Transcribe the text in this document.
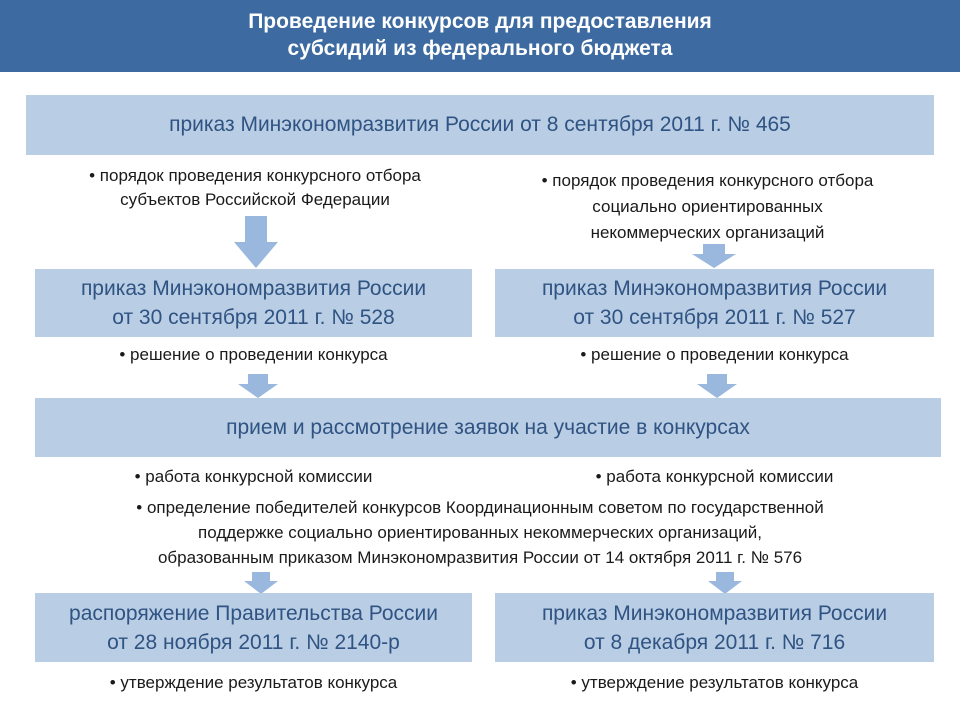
Проведение конкурсов для предоставления
субсидий из федерального бюджета
приказ Минэкономразвития России от 8 сентября 2011 г. № 465
• порядок проведения конкурсного отбора
субъектов Российской Федерации
• порядок проведения конкурсного отбора
социально ориентированных
некоммерческих организаций
приказ Минэкономразвития России
от 30 сентября 2011 г. № 528
приказ Минэкономразвития России
от 30 сентября 2011 г. № 527
• решение о проведении конкурса	• решение о проведении конкурса
прием и рассмотрение заявок на участие в конкурсах
• работа конкурсной комиссии	• работа конкурсной комиссии
• определение победителей конкурсов Координационным советом по государственной
поддержке социально ориентированных некоммерческих организаций,
образованным приказом Минэкономразвития России от 14 октября 2011 г. № 576
распоряжение Правительства России
от 28 ноября 2011 г. № 2140-р
приказ Минэкономразвития России
от 8 декабря 2011 г. № 716
• утверждение результатов конкурса	• утверждение результатов конкурса
